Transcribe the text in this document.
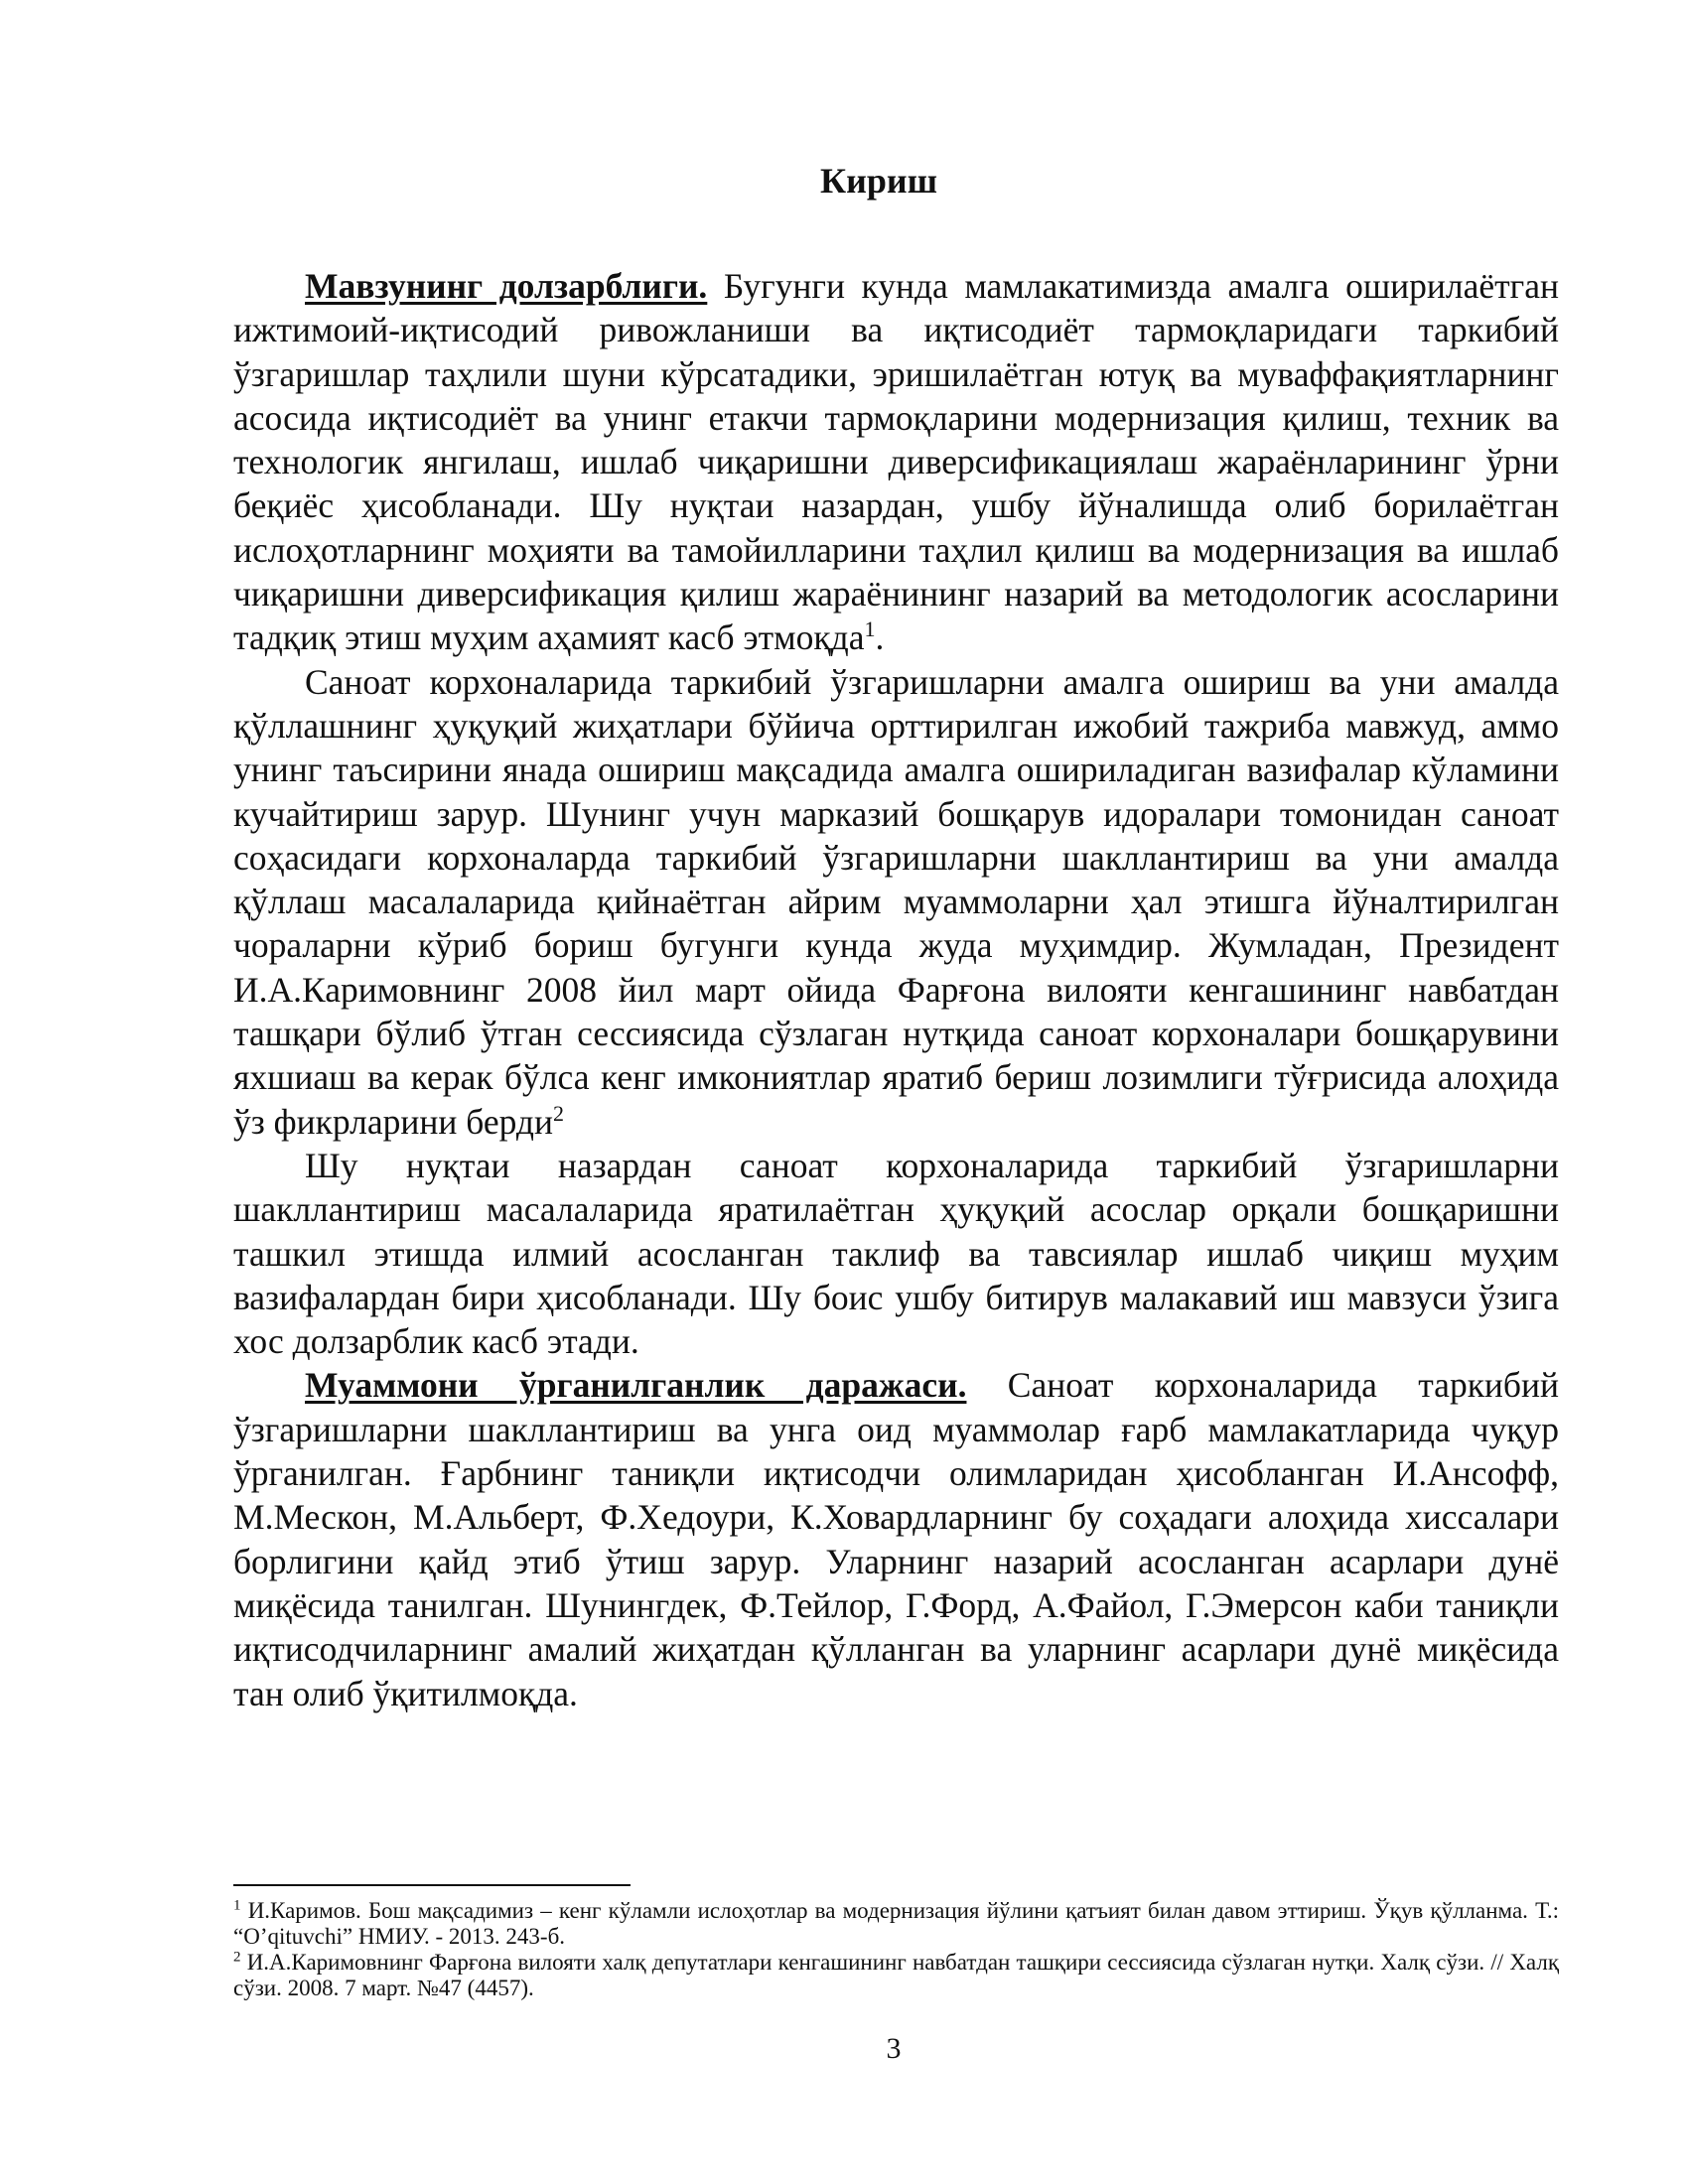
Кириш

Мавзунинг долзарблиги. Бугунги кунда мамлакатимизда амалга оширилаётган ижтимоий-иқтисодий ривожланиши ва иқтисодиёт тармоқларидаги таркибий ўзгаришлар таҳлили шуни кўрсатадики, эришилаётган ютуқ ва муваффақиятларнинг асосида иқтисодиёт ва унинг етакчи тармоқларини модернизация қилиш, техник ва технологик янгилаш, ишлаб чиқаришни диверсификациялаш жараёнларининг ўрни беқиёс ҳисобланади. Шу нуқтаи назардан, ушбу йўналишда олиб борилаётган ислоҳотларнинг моҳияти ва тамойилларини таҳлил қилиш ва модернизация ва ишлаб чиқаришни диверсификация қилиш жараёнининг назарий ва методологик асосларини тадқиқ этиш муҳим аҳамият касб этмоқда$^1$.

Саноат корхоналарида таркибий ўзгаришларни амалга ошириш ва уни амалда қўллашнинг ҳуқуқий жиҳатлари бўйича орттирилган ижобий тажриба мавжуд, аммо унинг таъсирини янада ошириш мақсадида амалга ошириладиган вазифалар кўламини кучайтириш зарур. Шунинг учун марказий бошқарув идоралари томонидан саноат соҳасидаги корхоналарда таркибий ўзгаришларни шакллантириш ва уни амалда қўллаш масалаларида қийнаётган айрим муаммоларни ҳал этишга йўналтирилган чораларни кўриб бориш бугунги кунда жуда муҳимдир. Жумладан, Президент И.А.Каримовнинг 2008 йил март ойида Фарғона вилояти кенгашининг навбатдан ташқари бўлиб ўтган сессиясида сўзлаган нутқида саноат корхоналари бошқарувини яхшиаш ва керак бўлса кенг имкониятлар яратиб бериш лозимлиги тўғрисида алоҳида ўз фикрларини берди$^2$

Шу нуқтаи назардан саноат корхоналарида таркибий ўзгаришларни шакллантириш масалаларида яратилаётган ҳуқуқий асослар орқали бошқаришни ташкил этишда илмий асосланган таклиф ва тавсиялар ишлаб чиқиш муҳим вазифалардан бири ҳисобланади. Шу боис ушбу битирув малакавий иш мавзуси ўзига хос долзарблик касб этади.

Муаммони ўрганилганлик даражаси. Саноат корхоналарида таркибий ўзгаришларни шакллантириш ва унга оид муаммолар ғарб мамлакатларида чуқур ўрганилган. Ғарбнинг таниқли иқтисодчи олимларидан ҳисобланган И.Ансофф, М.Мескон, М.Альберт, Ф.Хедоури, К.Ховардларнинг бу соҳадаги алоҳида хиссалари борлигини қайд этиб ўтиш зарур. Уларнинг назарий асосланган асарлари дунё миқёсида танилган. Шунингдек, Ф.Тейлор, Г.Форд, А.Файол, Г.Эмерсон каби таниқли иқтисодчиларнинг амалий жиҳатдан қўлланган ва уларнинг асарлари дунё миқёсида тан олиб ўқитилмоқда.

$^1$ И.Каримов. Бош мақсадимиз – кенг кўламли ислоҳотлар ва модернизация йўлини қатъият билан давом эттириш. Ўқув қўлланма. Т.: “O’qituvchi” НМИУ. - 2013. 243-б.

$^2$ И.А.Каримовнинг Фарғона вилояти халқ депутатлари кенгашининг навбатдан ташқири сессиясида сўзлаган нутқи. Халқ сўзи. // Халқ сўзи. 2008. 7 март. №47 (4457).

3
